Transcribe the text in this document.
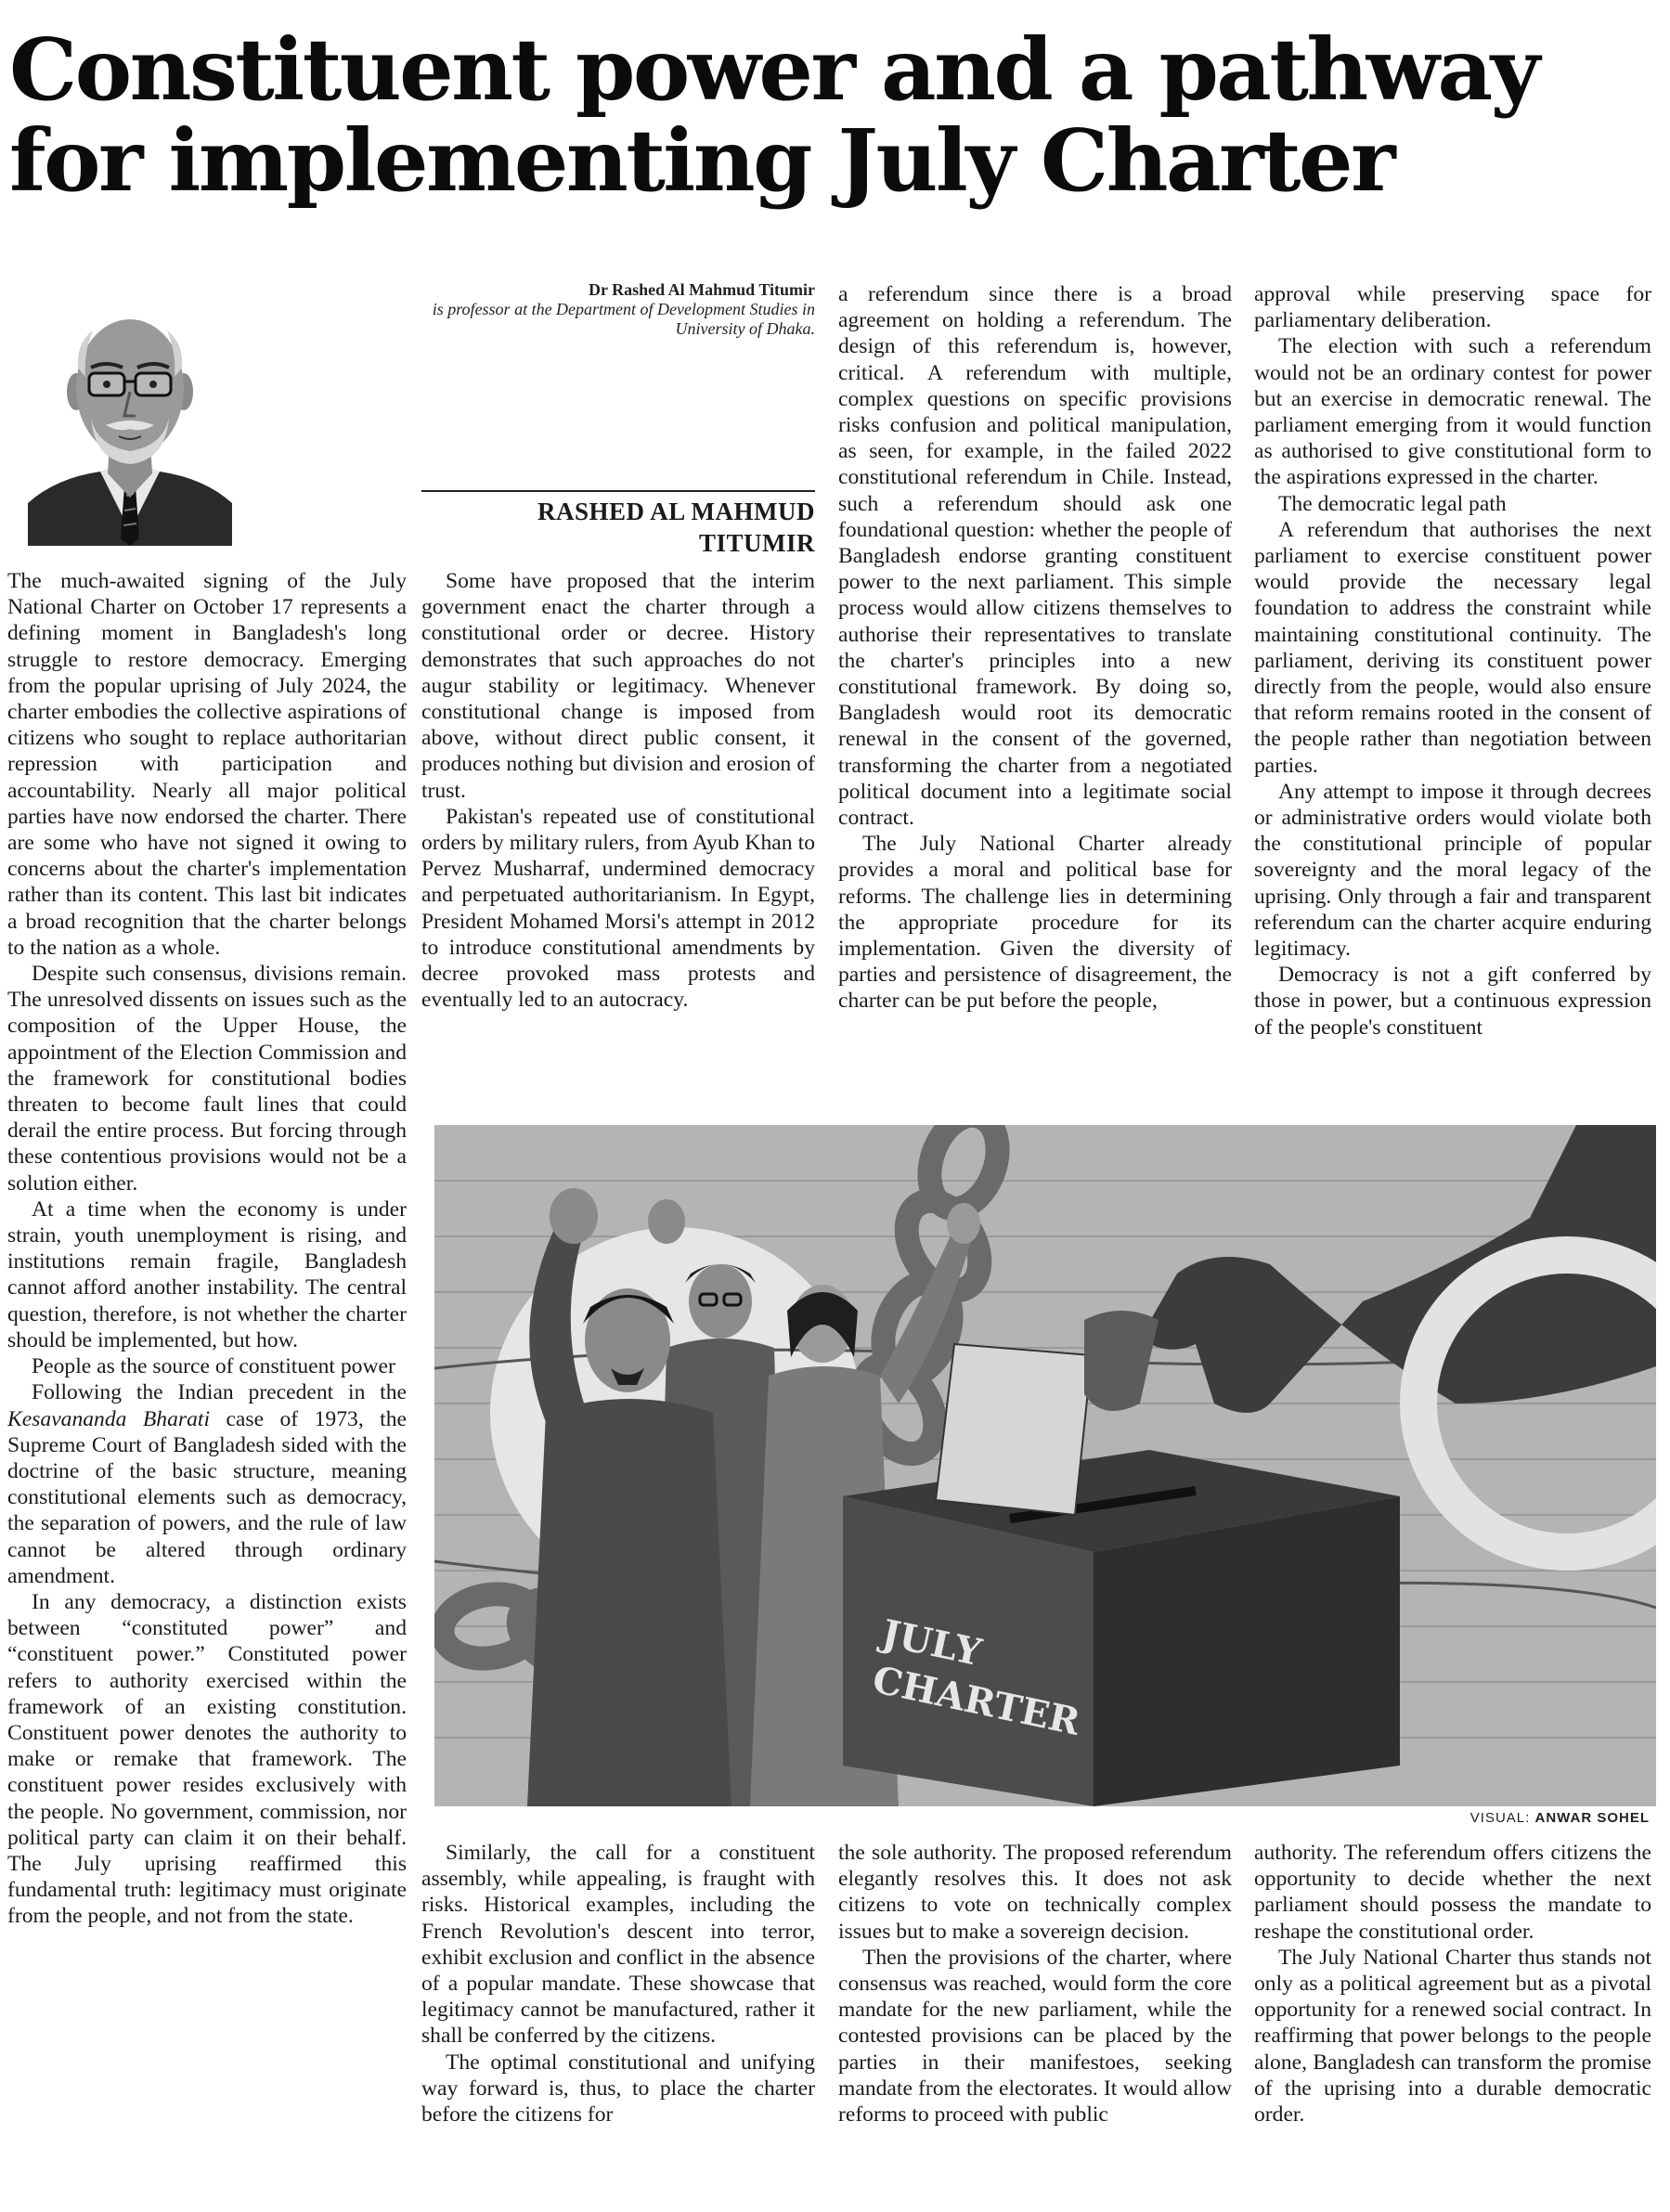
Constituent power and a pathway
for implementing July Charter
Dr Rashed Al Mahmud Titumir
is professor at the Department of Development Studies in University of Dhaka.
RASHED AL MAHMUD TITUMIR

The much-awaited signing of the July National Charter on October 17 represents a defining moment in Bangladesh's long struggle to restore democracy. Emerging from the popular uprising of July 2024, the charter embodies the collective aspirations of citizens who sought to replace authoritarian repression with participation and accountability. Nearly all major political parties have now endorsed the charter. There are some who have not signed it owing to concerns about the charter's implementation rather than its content. This last bit indicates a broad recognition that the charter belongs to the nation as a whole.

Despite such consensus, divisions remain. The unresolved dissents on issues such as the composition of the Upper House, the appointment of the Election Commission and the framework for constitutional bodies threaten to become fault lines that could derail the entire process. But forcing through these contentious provisions would not be a solution either.

At a time when the economy is under strain, youth unemployment is rising, and institutions remain fragile, Bangladesh cannot afford another instability. The central question, therefore, is not whether the charter should be implemented, but how.

People as the source of constituent power

Following the Indian precedent in the Kesavananda Bharati case of 1973, the Supreme Court of Bangladesh sided with the doctrine of the basic structure, meaning constitutional elements such as democracy, the separation of powers, and the rule of law cannot be altered through ordinary amendment.

In any democracy, a distinction exists between “constituted power” and “constituent power.” Constituted power refers to authority exercised within the framework of an existing constitution. Constituent power denotes the authority to make or remake that framework. The constituent power resides exclusively with the people. No government, commission, nor political party can claim it on their behalf. The July uprising reaffirmed this fundamental truth: legitimacy must originate from the people, and not from the state.

Some have proposed that the interim government enact the charter through a constitutional order or decree. History demonstrates that such approaches do not augur stability or legitimacy. Whenever constitutional change is imposed from above, without direct public consent, it produces nothing but division and erosion of trust.

Pakistan's repeated use of constitutional orders by military rulers, from Ayub Khan to Pervez Musharraf, undermined democracy and perpetuated authoritarianism. In Egypt, President Mohamed Morsi's attempt in 2012 to introduce constitutional amendments by decree provoked mass protests and eventually led to an autocracy.

a referendum since there is a broad agreement on holding a referendum. The design of this referendum is, however, critical. A referendum with multiple, complex questions on specific provisions risks confusion and political manipulation, as seen, for example, in the failed 2022 constitutional referendum in Chile. Instead, such a referendum should ask one foundational question: whether the people of Bangladesh endorse granting constituent power to the next parliament. This simple process would allow citizens themselves to authorise their representatives to translate the charter's principles into a new constitutional framework. By doing so, Bangladesh would root its democratic renewal in the consent of the governed, transforming the charter from a negotiated political document into a legitimate social contract.

The July National Charter already provides a moral and political base for reforms. The challenge lies in determining the appropriate procedure for its implementation. Given the diversity of parties and persistence of disagreement, the charter can be put before the people,

approval while preserving space for parliamentary deliberation.

The election with such a referendum would not be an ordinary contest for power but an exercise in democratic renewal. The parliament emerging from it would function as authorised to give constitutional form to the aspirations expressed in the charter.

The democratic legal path

A referendum that authorises the next parliament to exercise constituent power would provide the necessary legal foundation to address the constraint while maintaining constitutional continuity. The parliament, deriving its constituent power directly from the people, would also ensure that reform remains rooted in the consent of the people rather than negotiation between parties.

Any attempt to impose it through decrees or administrative orders would violate both the constitutional principle of popular sovereignty and the moral legacy of the uprising. Only through a fair and transparent referendum can the charter acquire enduring legitimacy.

Democracy is not a gift conferred by those in power, but a continuous expression of the people's constituent

JULY
CHARTER
VISUAL: ANWAR SOHEL

Similarly, the call for a constituent assembly, while appealing, is fraught with risks. Historical examples, including the French Revolution's descent into terror, exhibit exclusion and conflict in the absence of a popular mandate. These showcase that legitimacy cannot be manufactured, rather it shall be conferred by the citizens.

The optimal constitutional and unifying way forward is, thus, to place the charter before the citizens for

the sole authority. The proposed referendum elegantly resolves this. It does not ask citizens to vote on technically complex issues but to make a sovereign decision.

Then the provisions of the charter, where consensus was reached, would form the core mandate for the new parliament, while the contested provisions can be placed by the parties in their manifestoes, seeking mandate from the electorates. It would allow reforms to proceed with public

authority. The referendum offers citizens the opportunity to decide whether the next parliament should possess the mandate to reshape the constitutional order.

The July National Charter thus stands not only as a political agreement but as a pivotal opportunity for a renewed social contract. In reaffirming that power belongs to the people alone, Bangladesh can transform the promise of the uprising into a durable democratic order.
